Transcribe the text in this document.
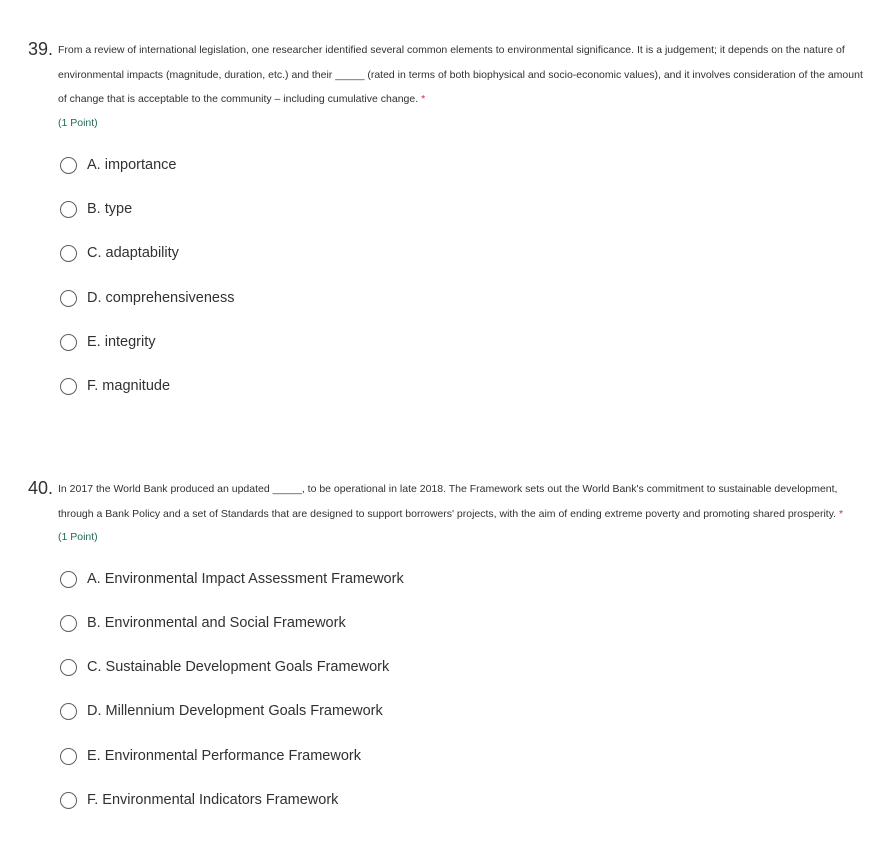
39. From a review of international legislation, one researcher identified several common elements to environmental significance. It is a judgement; it depends on the nature of environmental impacts (magnitude, duration, etc.) and their _____ (rated in terms of both biophysical and socio-economic values), and it involves consideration of the amount of change that is acceptable to the community – including cumulative change. *
(1 Point)
A. importance
B. type
C. adaptability
D. comprehensiveness
E. integrity
F. magnitude
40. In 2017 the World Bank produced an updated _____, to be operational in late 2018. The Framework sets out the World Bank's commitment to sustainable development, through a Bank Policy and a set of Standards that are designed to support borrowers' projects, with the aim of ending extreme poverty and promoting shared prosperity. *
(1 Point)
A. Environmental Impact Assessment Framework
B. Environmental and Social Framework
C. Sustainable Development Goals Framework
D. Millennium Development Goals Framework
E. Environmental Performance Framework
F. Environmental Indicators Framework
